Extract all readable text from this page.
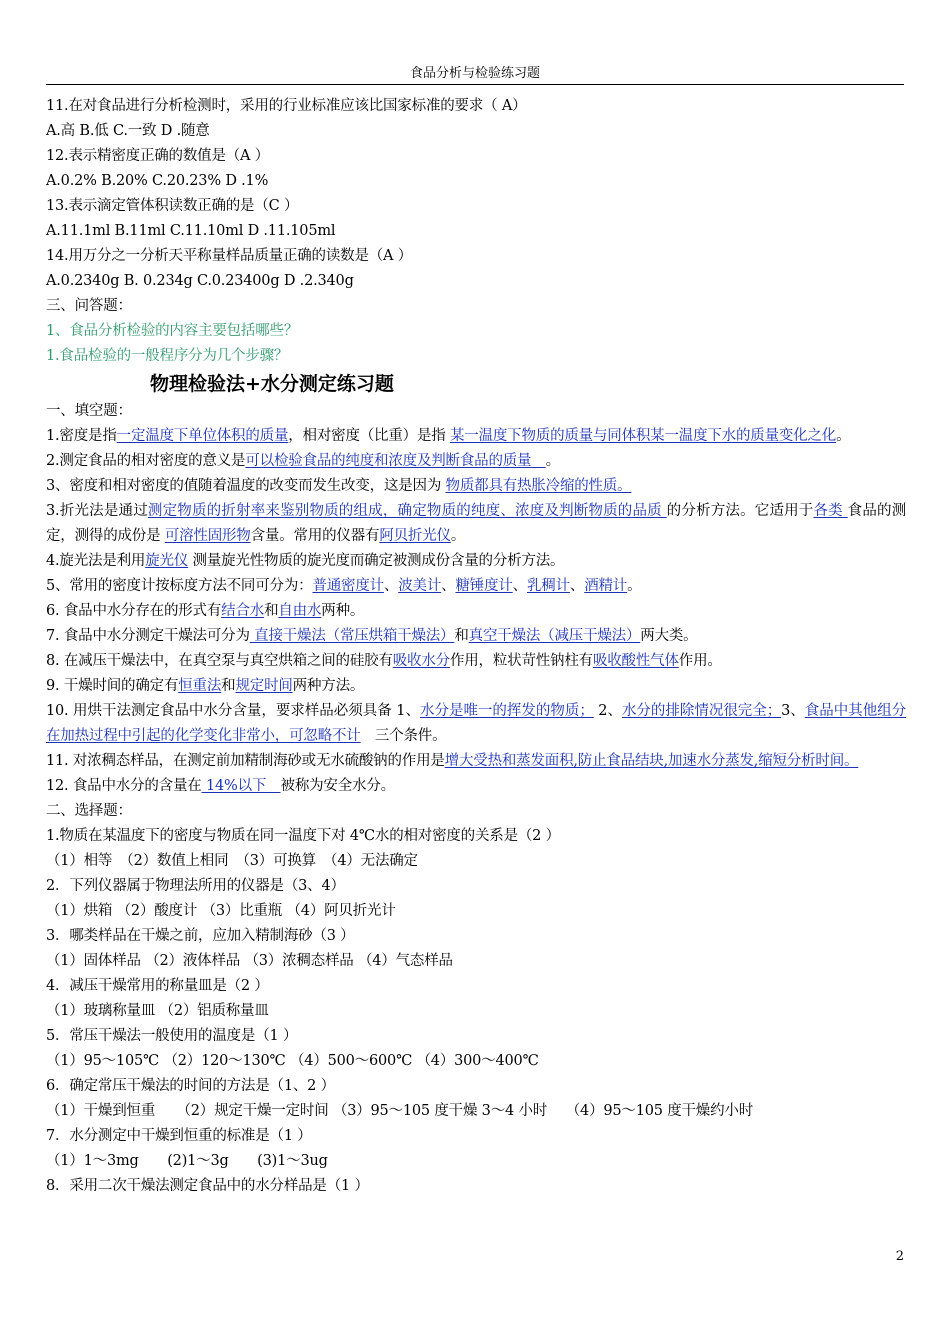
食品分析与检验练习题
11.在对食品进行分析检测时，采用的行业标准应该比国家标准的要求（ A）
A.高 B.低 C.一致 D .随意
12.表示精密度正确的数值是（A ）
A.0.2% B.20% C.20.23% D .1%
13.表示滴定管体积读数正确的是（C ）
A.11.1ml B.11ml C.11.10ml D .11.105ml
14.用万分之一分析天平称量样品质量正确的读数是（A ）
A.0.2340g B. 0.234g C.0.23400g D .2.340g
三、问答题：
1、食品分析检验的内容主要包括哪些？
1.食品检验的一般程序分为几个步骤？
物理检验法+水分测定练习题
一、填空题：
1.密度是指一定温度下单位体积的质量，相对密度（比重）是指 某一温度下物质的质量与同体积某一温度下水的质量变化之化。
2.测定食品的相对密度的意义是可以检验食品的纯度和浓度及判断食品的质量　。
3、密度和相对密度的值随着温度的改变而发生改变，这是因为 物质都具有热胀冷缩的性质。
3.折光法是通过测定物质的折射率来鉴别物质的组成，确定物质的纯度、浓度及判断物质的品质 的分析方法。它适用于各类 食品的测定，测得的成份是 可溶性固形物含量。常用的仪器有阿贝折光仪。
4.旋光法是利用旋光仪 测量旋光性物质的旋光度而确定被测成份含量的分析方法。
5、常用的密度计按标度方法不同可分为：普通密度计、波美计、糖锤度计、乳稠计、酒精计。
6. 食品中水分存在的形式有结合水和自由水两种。
7. 食品中水分测定干燥法可分为 直接干燥法（常压烘箱干燥法）和真空干燥法（减压干燥法）两大类。
8. 在减压干燥法中，在真空泵与真空烘箱之间的硅胶有吸收水分作用，粒状苛性钠柱有吸收酸性气体作用。
9. 干燥时间的确定有恒重法和规定时间两种方法。
10. 用烘干法测定食品中水分含量，要求样品必须具备 1、水分是唯一的挥发的物质； 2、水分的排除情况很完全；3、食品中其他组分在加热过程中引起的化学变化非常小，可忽略不计　三个条件。
11. 对浓稠态样品，在测定前加精制海砂或无水硫酸钠的作用是增大受热和蒸发面积,防止食品结块,加速水分蒸发,缩短分析时间。
12. 食品中水分的含量在 14%以下　被称为安全水分。
二、选择题：
1.物质在某温度下的密度与物质在同一温度下对 4℃水的相对密度的关系是（2 ）
（1）相等　（2）数值上相同　（3）可换算　（4）无法确定
2．下列仪器属于物理法所用的仪器是（3、4）
（1）烘箱 （2）酸度计 （3）比重瓶 （4）阿贝折光计
3．哪类样品在干燥之前，应加入精制海砂（3 ）
（1）固体样品 （2）液体样品 （3）浓稠态样品 （4）气态样品
4．减压干燥常用的称量皿是（2 ）
（1）玻璃称量皿 （2）铝质称量皿
5．常压干燥法一般使用的温度是（1 ）
（1）95～105℃ （2）120～130℃ （4）500～600℃ （4）300～400℃
6．确定常压干燥法的时间的方法是（1、2 ）
（1）干燥到恒重　　（2）规定干燥一定时间 （3）95～105 度干燥 3～4 小时　 （4）95～105 度干燥约小时
7．水分测定中干燥到恒重的标准是（1 ）
（1）1～3mg　　(2)1～3g　　(3)1～3ug
8．采用二次干燥法测定食品中的水分样品是（1 ）
2
